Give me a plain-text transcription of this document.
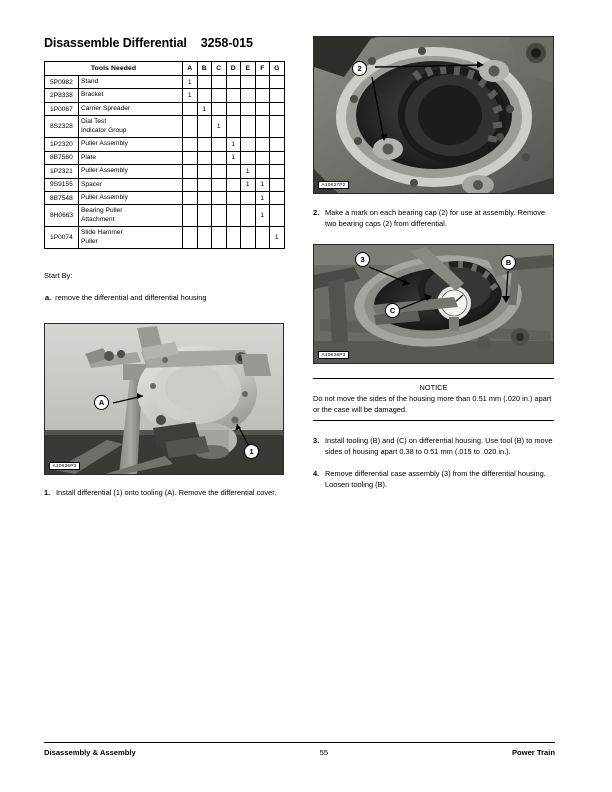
Disassemble Differential 3258-015
Tools Needed		A	B	C	D	E	F	G
5P0982	Stand	1						
2P8338	Bracket	1						
1P0067	Carrier Spreader		1					
8S2328	Dial Test
Indicator Group			1				
1P2320	Puller Assembly				1			
8B7560	Plate				1			
1P2321	Puller Assembly					1		
9S9155	Spacer					1	1	
8B7548	Puller Assembly						1	
8H0663	Bearing Puller
Attachment						1	
1P0074	Slide Hammer
Puller							1
Start By:
a. remove the differential and differential housing
A
1
A10636P3
1. Install differential (1) onto tooling (A). Remove the differential cover.
2
A10637P2
2. Make a mark on each bearing cap (2) for use at assembly. Remove two bearing caps (2) from differential.
3	B
C
A10638P3
NOTICE
Do not move the sides of the housing more than 0.51 mm (.020 in.) apart or the case will be damaged.
3. Install tooling (B) and (C) on differential housing. Use tool (B) to move sides of housing apart 0.38 to 0.51 mm (.015 to .020 in.).
4. Remove differential case assembly (3) from the differential housing. Loosen tooling (B).
Disassembly & Assembly	55	Power Train
